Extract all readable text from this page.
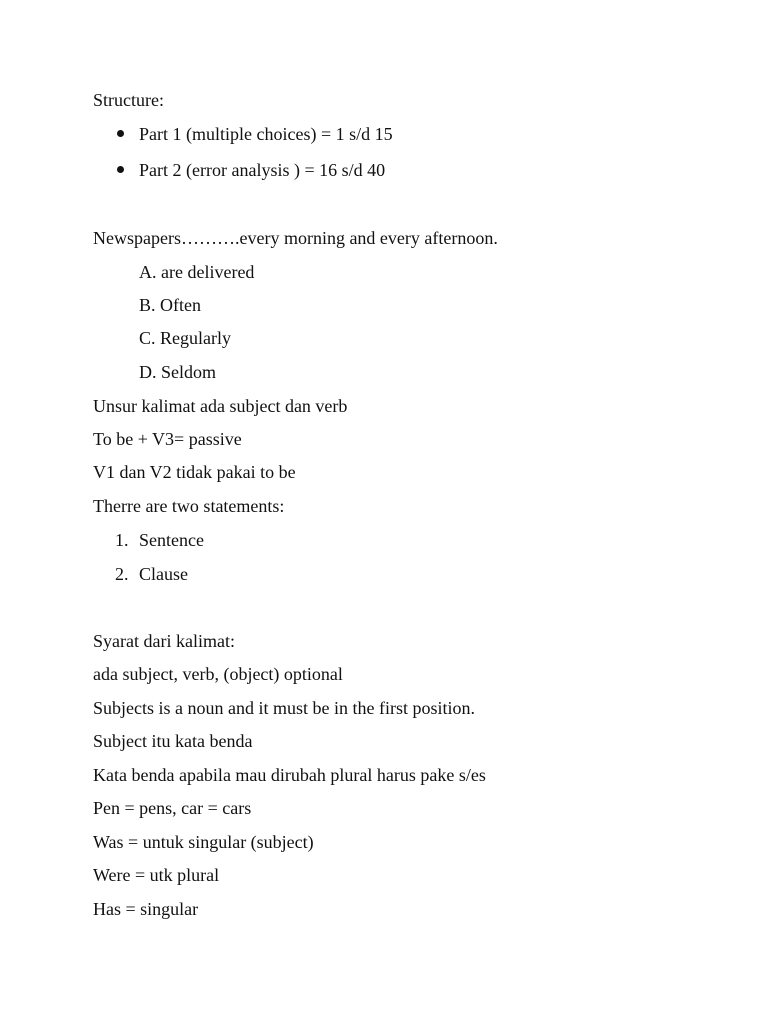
Structure:
Part 1 (multiple choices) = 1 s/d 15
Part 2 (error analysis ) = 16 s/d 40
Newspapers……….every morning and every afternoon.
A. are delivered
B. Often
C. Regularly
D. Seldom
Unsur kalimat ada subject dan verb
To be + V3= passive
V1 dan V2 tidak pakai to be
Therre are two statements:
1. Sentence
2. Clause
Syarat dari kalimat:
ada subject, verb, (object) optional
Subjects is a noun and it must be in the first position.
Subject itu kata benda
Kata benda apabila mau dirubah plural harus pake s/es
Pen = pens, car = cars
Was = untuk singular (subject)
Were = utk plural
Has = singular
